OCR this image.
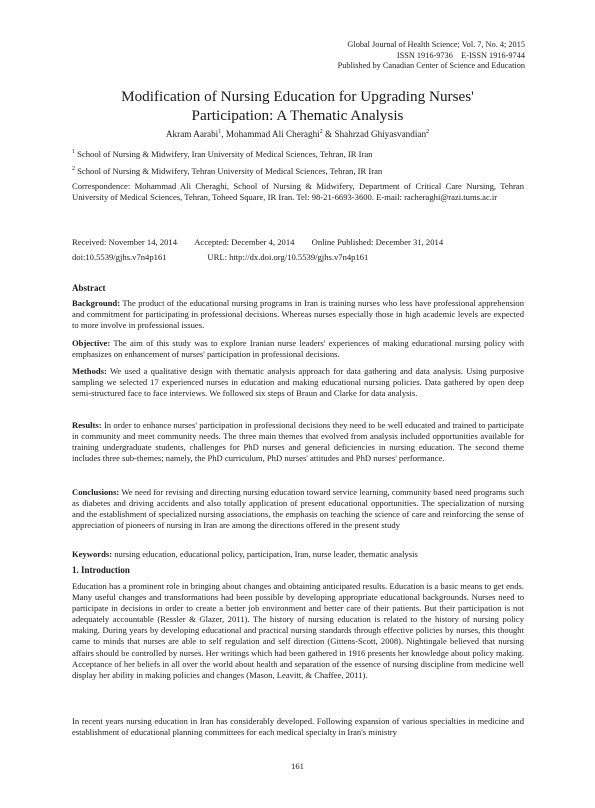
Global Journal of Health Science; Vol. 7, No. 4; 2015
ISSN 1916-9736 E-ISSN 1916-9744
Published by Canadian Center of Science and Education
Modification of Nursing Education for Upgrading Nurses'
Participation: A Thematic Analysis
Akram Aarabi$^1$, Mohammad Ali Cheraghi$^2$ & Shahrzad Ghiyasvandian$^2$
$^1$ School of Nursing & Midwifery, Iran University of Medical Sciences, Tehran, IR Iran
$^2$ School of Nursing & Midwifery, Tehran University of Medical Sciences, Tehran, IR Iran
Correspondence: Mohammad Ali Cheraghi, School of Nursing & Midwifery, Department of Critical Care Nursing, Tehran University of Medical Sciences, Tehran, Toheed Square, IR Iran. Tel: 98-21-6693-3600. E-mail: racheraghi@razi.tums.ac.ir
Received: November 14, 2014 Accepted: December 4, 2014 Online Published: December 31, 2014
doi:10.5539/gjhs.v7n4p161	URL: http://dx.doi.org/10.5539/gjhs.v7n4p161
Abstract
Background: The product of the educational nursing programs in Iran is training nurses who less have professional apprehension and commitment for participating in professional decisions. Whereas nurses especially those in high academic levels are expected to more involve in professional issues.
Objective: The aim of this study was to explore Iranian nurse leaders' experiences of making educational nursing policy with emphasizes on enhancement of nurses' participation in professional decisions.
Methods: We used a qualitative design with thematic analysis approach for data gathering and data analysis. Using purposive sampling we selected 17 experienced nurses in education and making educational nursing policies. Data gathered by open deep semi-structured face to face interviews. We followed six steps of Braun and Clarke for data analysis.
Results: In order to enhance nurses' participation in professional decisions they need to be well educated and trained to participate in community and meet community needs. The three main themes that evolved from analysis included opportunities available for training undergraduate students, challenges for PhD nurses and general deficiencies in nursing education. The second theme includes three sub-themes; namely, the PhD curriculum, PhD nurses' attitudes and PhD nurses' performance.
Conclusions: We need for revising and directing nursing education toward service learning, community based need programs such as diabetes and driving accidents and also totally application of present educational opportunities. The specialization of nursing and the establishment of specialized nursing associations, the emphasis on teaching the science of care and reinforcing the sense of appreciation of pioneers of nursing in Iran are among the directions offered in the present study
Keywords: nursing education, educational policy, participation, Iran, nurse leader, thematic analysis
1. Introduction
Education has a prominent role in bringing about changes and obtaining anticipated results. Education is a basic means to get ends. Many useful changes and transformations had been possible by developing appropriate educational backgrounds. Nurses need to participate in decisions in order to create a better job environment and better care of their patients. But their participation is not adequately accountable (Ressler & Glazer, 2011). The history of nursing education is related to the history of nursing policy making. During years by developing educational and practical nursing standards through effective policies by nurses, this thought came to minds that nurses are able to self regulation and self direction (Gittens-Scott, 2008). Nightingale believed that nursing affairs should be controlled by nurses. Her writings which had been gathered in 1916 presents her knowledge about policy making. Acceptance of her beliefs in all over the world about health and separation of the essence of nursing discipline from medicine well display her ability in making policies and changes (Mason, Leavitt, & Chaffee, 2011).
In recent years nursing education in Iran has considerably developed. Following expansion of various specialties in medicine and establishment of educational planning committees for each medical specialty in Iran's ministry
161
